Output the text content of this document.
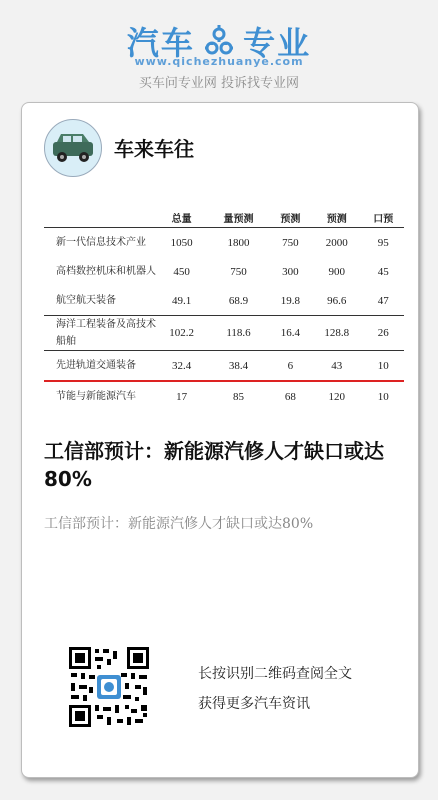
汽车 专业
www.qichezhuanye.com
买车问专业网 投诉找专业网
车来车往
	总量	量预测	预测	预测	口预
新一代信息技术产业	1050	1800	750	2000	95
高档数控机床和机器人	450	750	300	900	45
航空航天装备	49.1	68.9	19.8	96.6	47
海洋工程装备及高技术船舶	102.2	118.6	16.4	128.8	26
先进轨道交通装备	32.4	38.4	6	43	10
节能与新能源汽车	17	85	68	120	10
工信部预计：新能源汽修人才缺口或达80%
工信部预计：新能源汽修人才缺口或达80%
长按识别二维码查阅全文
获得更多汽车资讯
